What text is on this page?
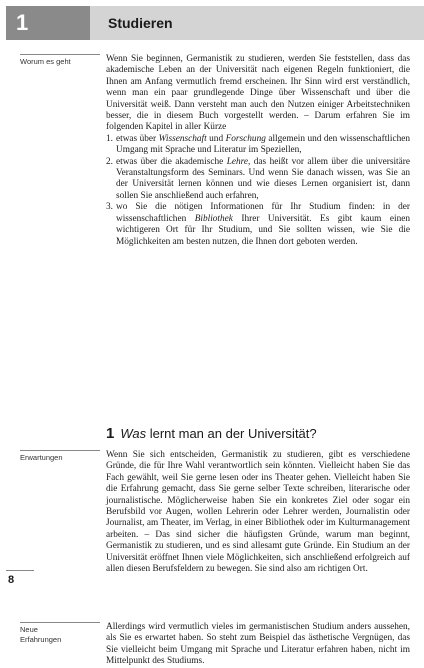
1	Studieren
Worum es geht	Wenn Sie beginnen, Germanistik zu studieren, werden Sie feststellen, dass das akademische Leben an der Universität nach eigenen Regeln funktioniert, die Ihnen am Anfang vermutlich fremd erscheinen. Ihr Sinn wird erst verständlich, wenn man ein paar grundlegende Dinge über Wissenschaft und über die Universität weiß. Dann versteht man auch den Nutzen einiger Arbeitstechniken besser, die in diesem Buch vorgestellt werden. – Darum erfahren Sie im folgenden Kapitel in aller Kürze

1. etwas über Wissenschaft und Forschung allgemein und den wissenschaftlichen Umgang mit Sprache und Literatur im Speziellen,
2. etwas über die akademische Lehre, das heißt vor allem über die universitäre Veranstaltungsform des Seminars. Und wenn Sie danach wissen, was Sie an der Universität lernen können und wie dieses Lernen organisiert ist, dann sollen Sie anschließend auch erfahren,
3. wo Sie die nötigen Informationen für Ihr Studium finden: in der wissenschaftlichen Bibliothek Ihrer Universität. Es gibt kaum einen wichtigeren Ort für Ihr Studium, und Sie sollten wissen, wie Sie die Möglichkeiten am besten nutzen, die Ihnen dort geboten werden.
1 Was lernt man an der Universität?
Erwartungen	Wenn Sie sich entscheiden, Germanistik zu studieren, gibt es verschiedene Gründe, die für Ihre Wahl verantwortlich sein könnten. Vielleicht haben Sie das Fach gewählt, weil Sie gerne lesen oder ins Theater gehen. Vielleicht haben Sie die Erfahrung gemacht, dass Sie gerne selber Texte schreiben, literarische oder journalistische. Möglicherweise haben Sie ein konkretes Ziel oder sogar ein Berufsbild vor Augen, wollen Lehrerin oder Lehrer werden, Journalistin oder Journalist, am Theater, im Verlag, in einer Bibliothek oder im Kulturmanagement arbeiten. – Das sind sicher die häufigsten Gründe, warum man beginnt, Germanistik zu studieren, und es sind allesamt gute Gründe. Ein Studium an der Universität eröffnet Ihnen viele Möglichkeiten, sich anschließend erfolgreich auf allen diesen Berufsfeldern zu bewegen. Sie sind also am richtigen Ort.

Neue
Erfahrungen

Allerdings wird vermutlich vieles im germanistischen Studium anders aussehen, als Sie es erwartet haben. So steht zum Beispiel das ästhetische Vergnügen, das Sie vielleicht beim Umgang mit Sprache und Literatur erfahren haben, nicht im Mittelpunkt des Studiums.

8
